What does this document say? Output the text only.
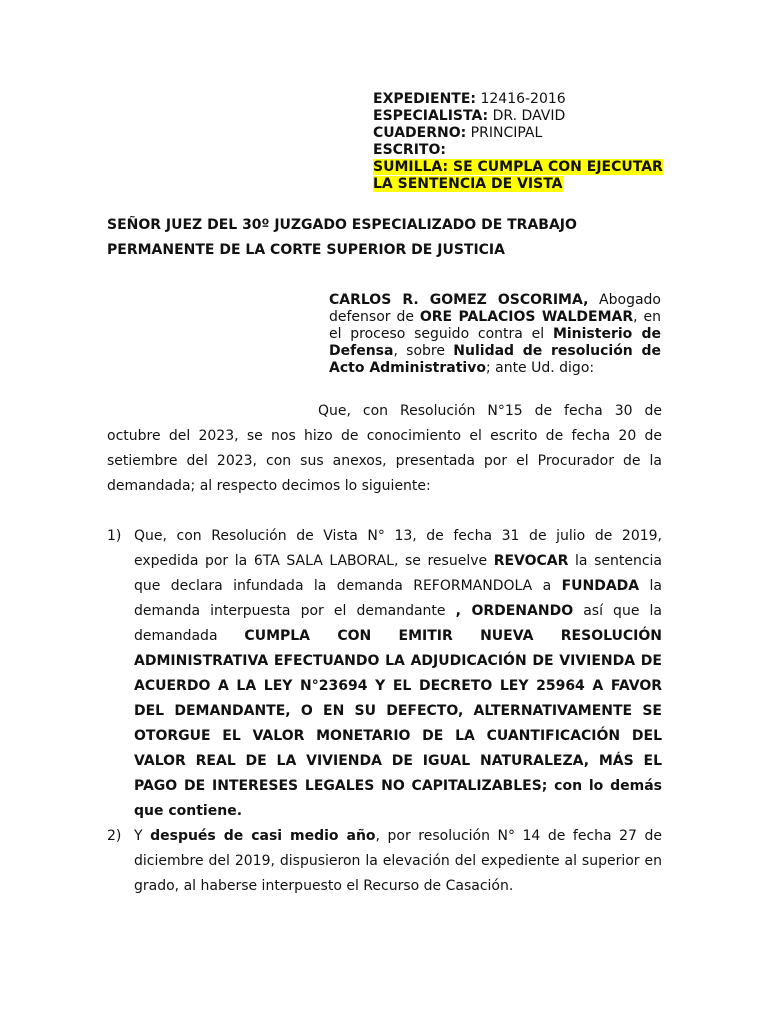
EXPEDIENTE: 12416-2016
ESPECIALISTA: DR. DAVID
CUADERNO: PRINCIPAL
ESCRITO:
SUMILLA: SE CUMPLA CON EJECUTAR LA SENTENCIA DE VISTA
SEÑOR JUEZ DEL 30º JUZGADO ESPECIALIZADO DE TRABAJO PERMANENTE DE LA CORTE SUPERIOR DE JUSTICIA
CARLOS R. GOMEZ OSCORIMA, Abogado defensor de ORE PALACIOS WALDEMAR, en el proceso seguido contra el Ministerio de Defensa, sobre Nulidad de resolución de Acto Administrativo; ante Ud. digo:
Que, con Resolución N°15 de fecha 30 de octubre del 2023, se nos hizo de conocimiento el escrito de fecha 20 de setiembre del 2023, con sus anexos, presentada por el Procurador de la demandada; al respecto decimos lo siguiente:
1) Que, con Resolución de Vista N° 13, de fecha 31 de julio de 2019, expedida por la 6TA SALA LABORAL, se resuelve REVOCAR la sentencia que declara infundada la demanda REFORMANDOLA a FUNDADA la demanda interpuesta por el demandante , ORDENANDO así que la demandada CUMPLA CON EMITIR NUEVA RESOLUCIÓN ADMINISTRATIVA EFECTUANDO LA ADJUDICACIÓN DE VIVIENDA DE ACUERDO A LA LEY N°23694 Y EL DECRETO LEY 25964 A FAVOR DEL DEMANDANTE, O EN SU DEFECTO, ALTERNATIVAMENTE SE OTORGUE EL VALOR MONETARIO DE LA CUANTIFICACIÓN DEL VALOR REAL DE LA VIVIENDA DE IGUAL NATURALEZA, MÁS EL PAGO DE INTERESES LEGALES NO CAPITALIZABLES; con lo demás que contiene.
2) Y después de casi medio año, por resolución N° 14 de fecha 27 de diciembre del 2019, dispusieron la elevación del expediente al superior en grado, al haberse interpuesto el Recurso de Casación.
